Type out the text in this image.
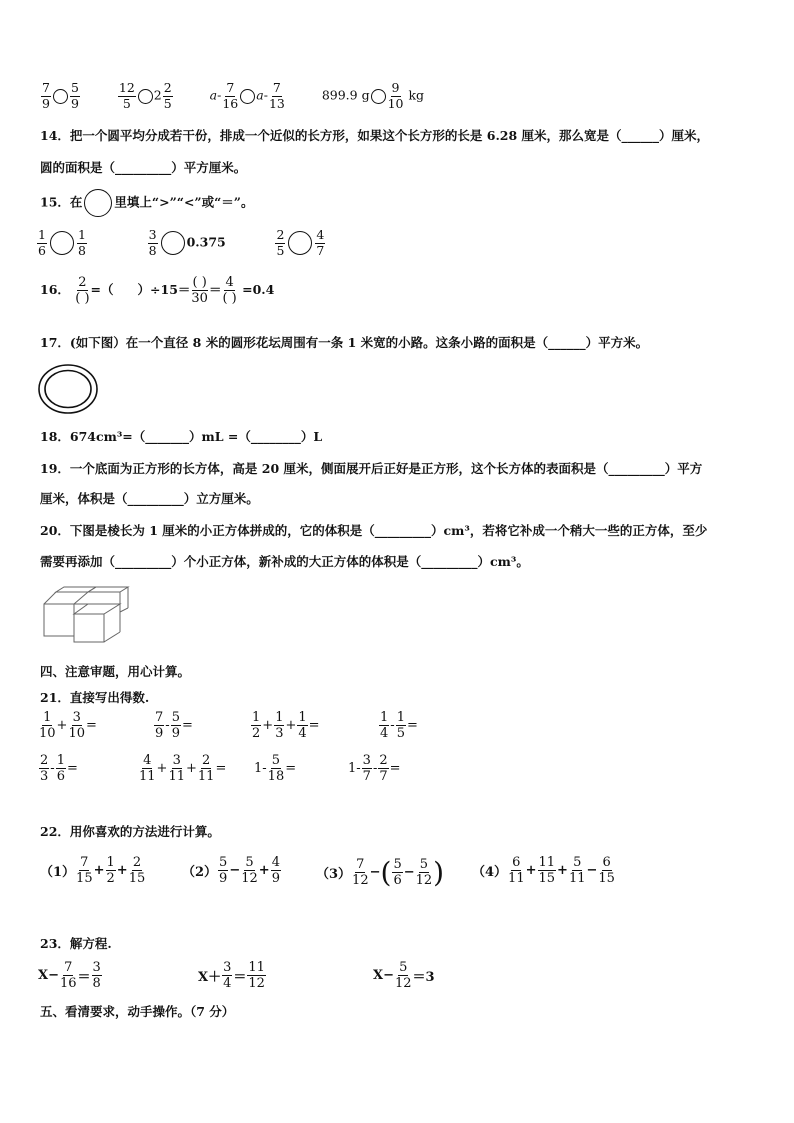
$\frac{7}{9} \frac{5}{9}$
	$\frac{12}{5} 2 \frac{2}{5}$	$a- \frac{7}{16} a- \frac{7}{13}$	899.9 g $\frac{9}{10}$ kg
14．把一个圆平均分成若干份，排成一个近似的长方形，如果这个长方形的长是 6.28 厘米，那么宽是（______）厘米，
圆的面积是（_________）平方厘米。
15．在	里填上“>”“<”或“＝”。
$\frac{1}{6} \frac{1}{8}$
	$\frac{3}{8} 0.375$	$\frac{2}{5} \frac{4}{7}$
16． $\frac{2}{( )}$ =（ ）$\div 15= \frac{( )}{30} = \frac{4}{( )} =0.4$
17．(如下图）在一个直径 8 米的圆形花坛周围有一条 1 米宽的小路。这条小路的面积是（______）平方米。
18．674cm³=（_______）mL =（________）L
19．一个底面为正方形的长方体，高是 20 厘米，侧面展开后正好是正方形，这个长方体的表面积是（_________）平方
厘米，体积是（_________）立方厘米。
20．下图是棱长为 1 厘米的小正方体拼成的，它的体积是（_________）cm³，若将它补成一个稍大一些的正方体，至少
需要再添加（_________）个小正方体，新补成的大正方体的体积是（_________）cm³。
四、注意审题，用心计算。
21．直接写出得数.
$\frac{1}{10} + \frac{3}{10}$ =	$\frac{7}{9} - \frac{5}{9}$ =	$\frac{1}{2} + \frac{1}{3} + \frac{1}{4}$ =	$\frac{1}{4} - \frac{1}{5}$ =
$\frac{2}{3} - \frac{1}{6}$ =	$\frac{4}{11} + \frac{3}{11} + \frac{2}{11} = 1- \frac{5}{18}$ =	$1- \frac{3}{7} - \frac{2}{7}$ =
22．用你喜欢的方法进行计算。
$(1) \frac{7}{15} + \frac{1}{2} + \frac{2}{15}$	$(2) \frac{5}{9} - \frac{5}{12} + \frac{4}{9}$	$(3) \frac{7}{12}$ −( $\frac{5}{6} - \frac{5}{12}$ ) $(4) \frac{6}{11} + \frac{11}{15} + \frac{5}{11} - \frac{6}{15}$
23．解方程.
$X- \frac{7}{16} = \frac{3}{8}$	$X+ \frac{3}{4} = \frac{11}{12}$	$X- \frac{5}{12} =3$
五、看清要求，动手操作。（7 分）
